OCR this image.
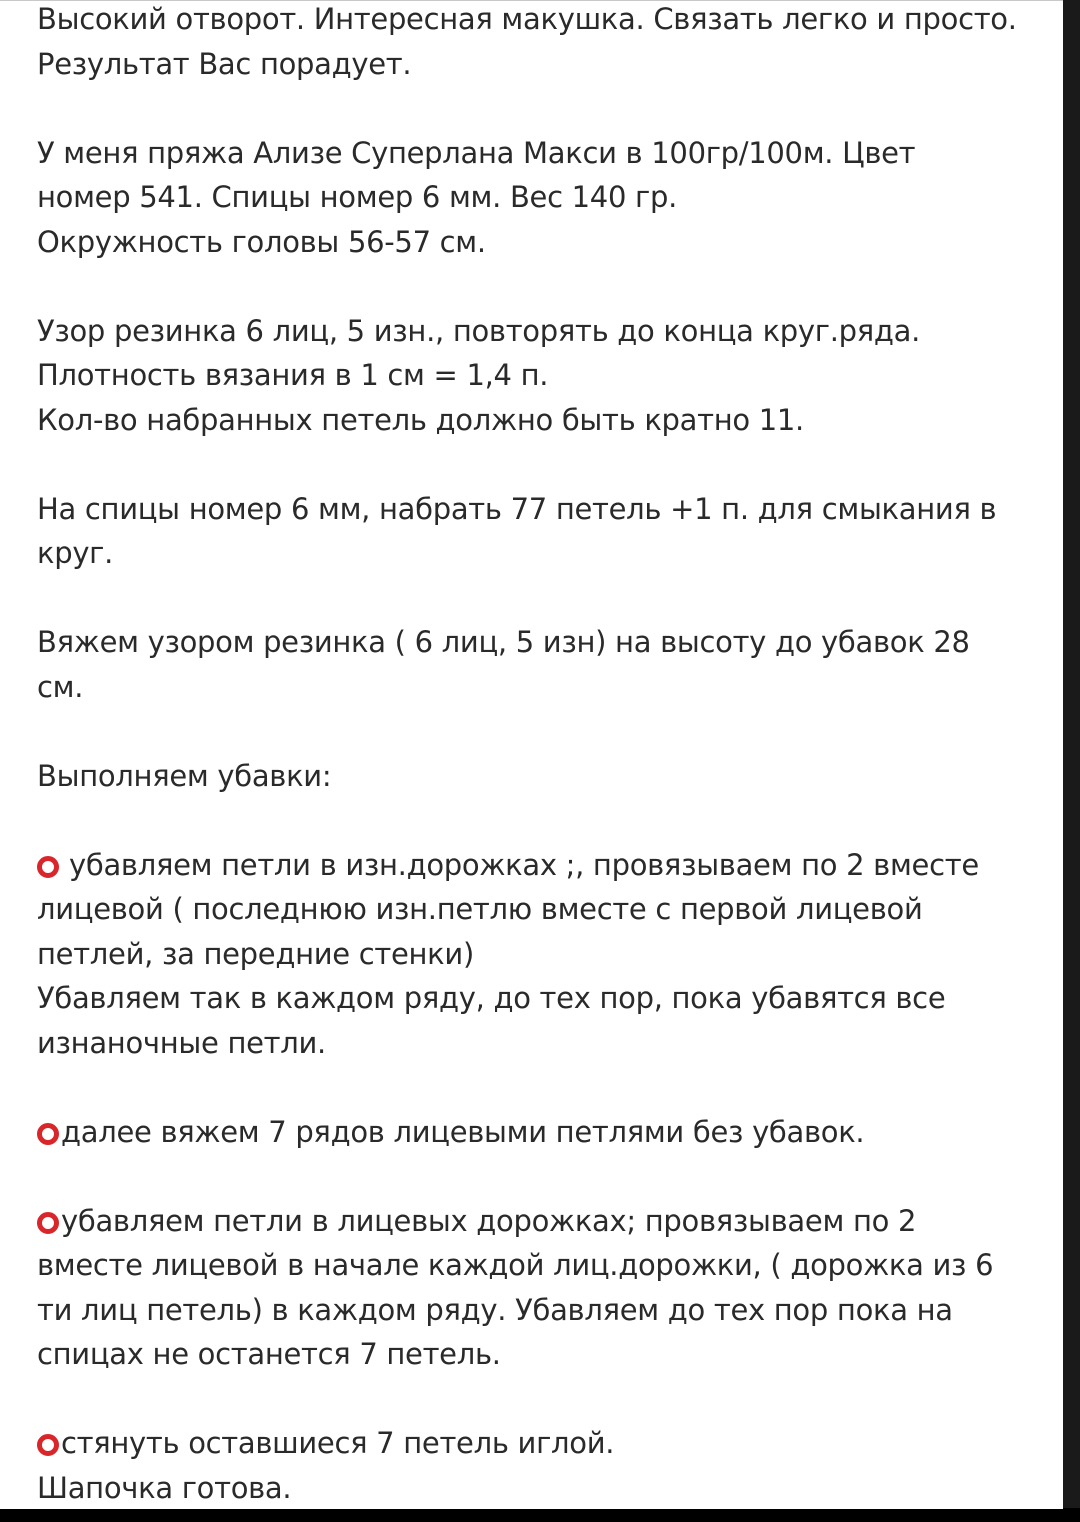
Высокий отворот. Интересная макушка. Связать легко и просто.
Результат Вас порадует.
У меня пряжа Ализе Суперлана Макси в 100гр/100м. Цвет
номер 541. Спицы номер 6 мм. Вес 140 гр.
Окружность головы 56-57 см.
Узор резинка 6 лиц, 5 изн., повторять до конца круг.ряда.
Плотность вязания в 1 см = 1,4 п.
Кол-во набранных петель должно быть кратно 11.
На спицы номер 6 мм, набрать 77 петель +1 п. для смыкания в
круг.
Вяжем узором резинка ( 6 лиц, 5 изн) на высоту до убавок 28
см.
Выполняем убавки:
убавляем петли в изн.дорожках ;, провязываем по 2 вместе
лицевой ( последнюю изн.петлю вместе с первой лицевой
петлей, за передние стенки)
Убавляем так в каждом ряду, до тех пор, пока убавятся все
изнаночные петли.
далее вяжем 7 рядов лицевыми петлями без убавок.
убавляем петли в лицевых дорожках; провязываем по 2
вместе лицевой в начале каждой лиц.дорожки, ( дорожка из 6
ти лиц петель) в каждом ряду. Убавляем до тех пор пока на
спицах не останется 7 петель.
стянуть оставшиеся 7 петель иглой.
Шапочка готова.
